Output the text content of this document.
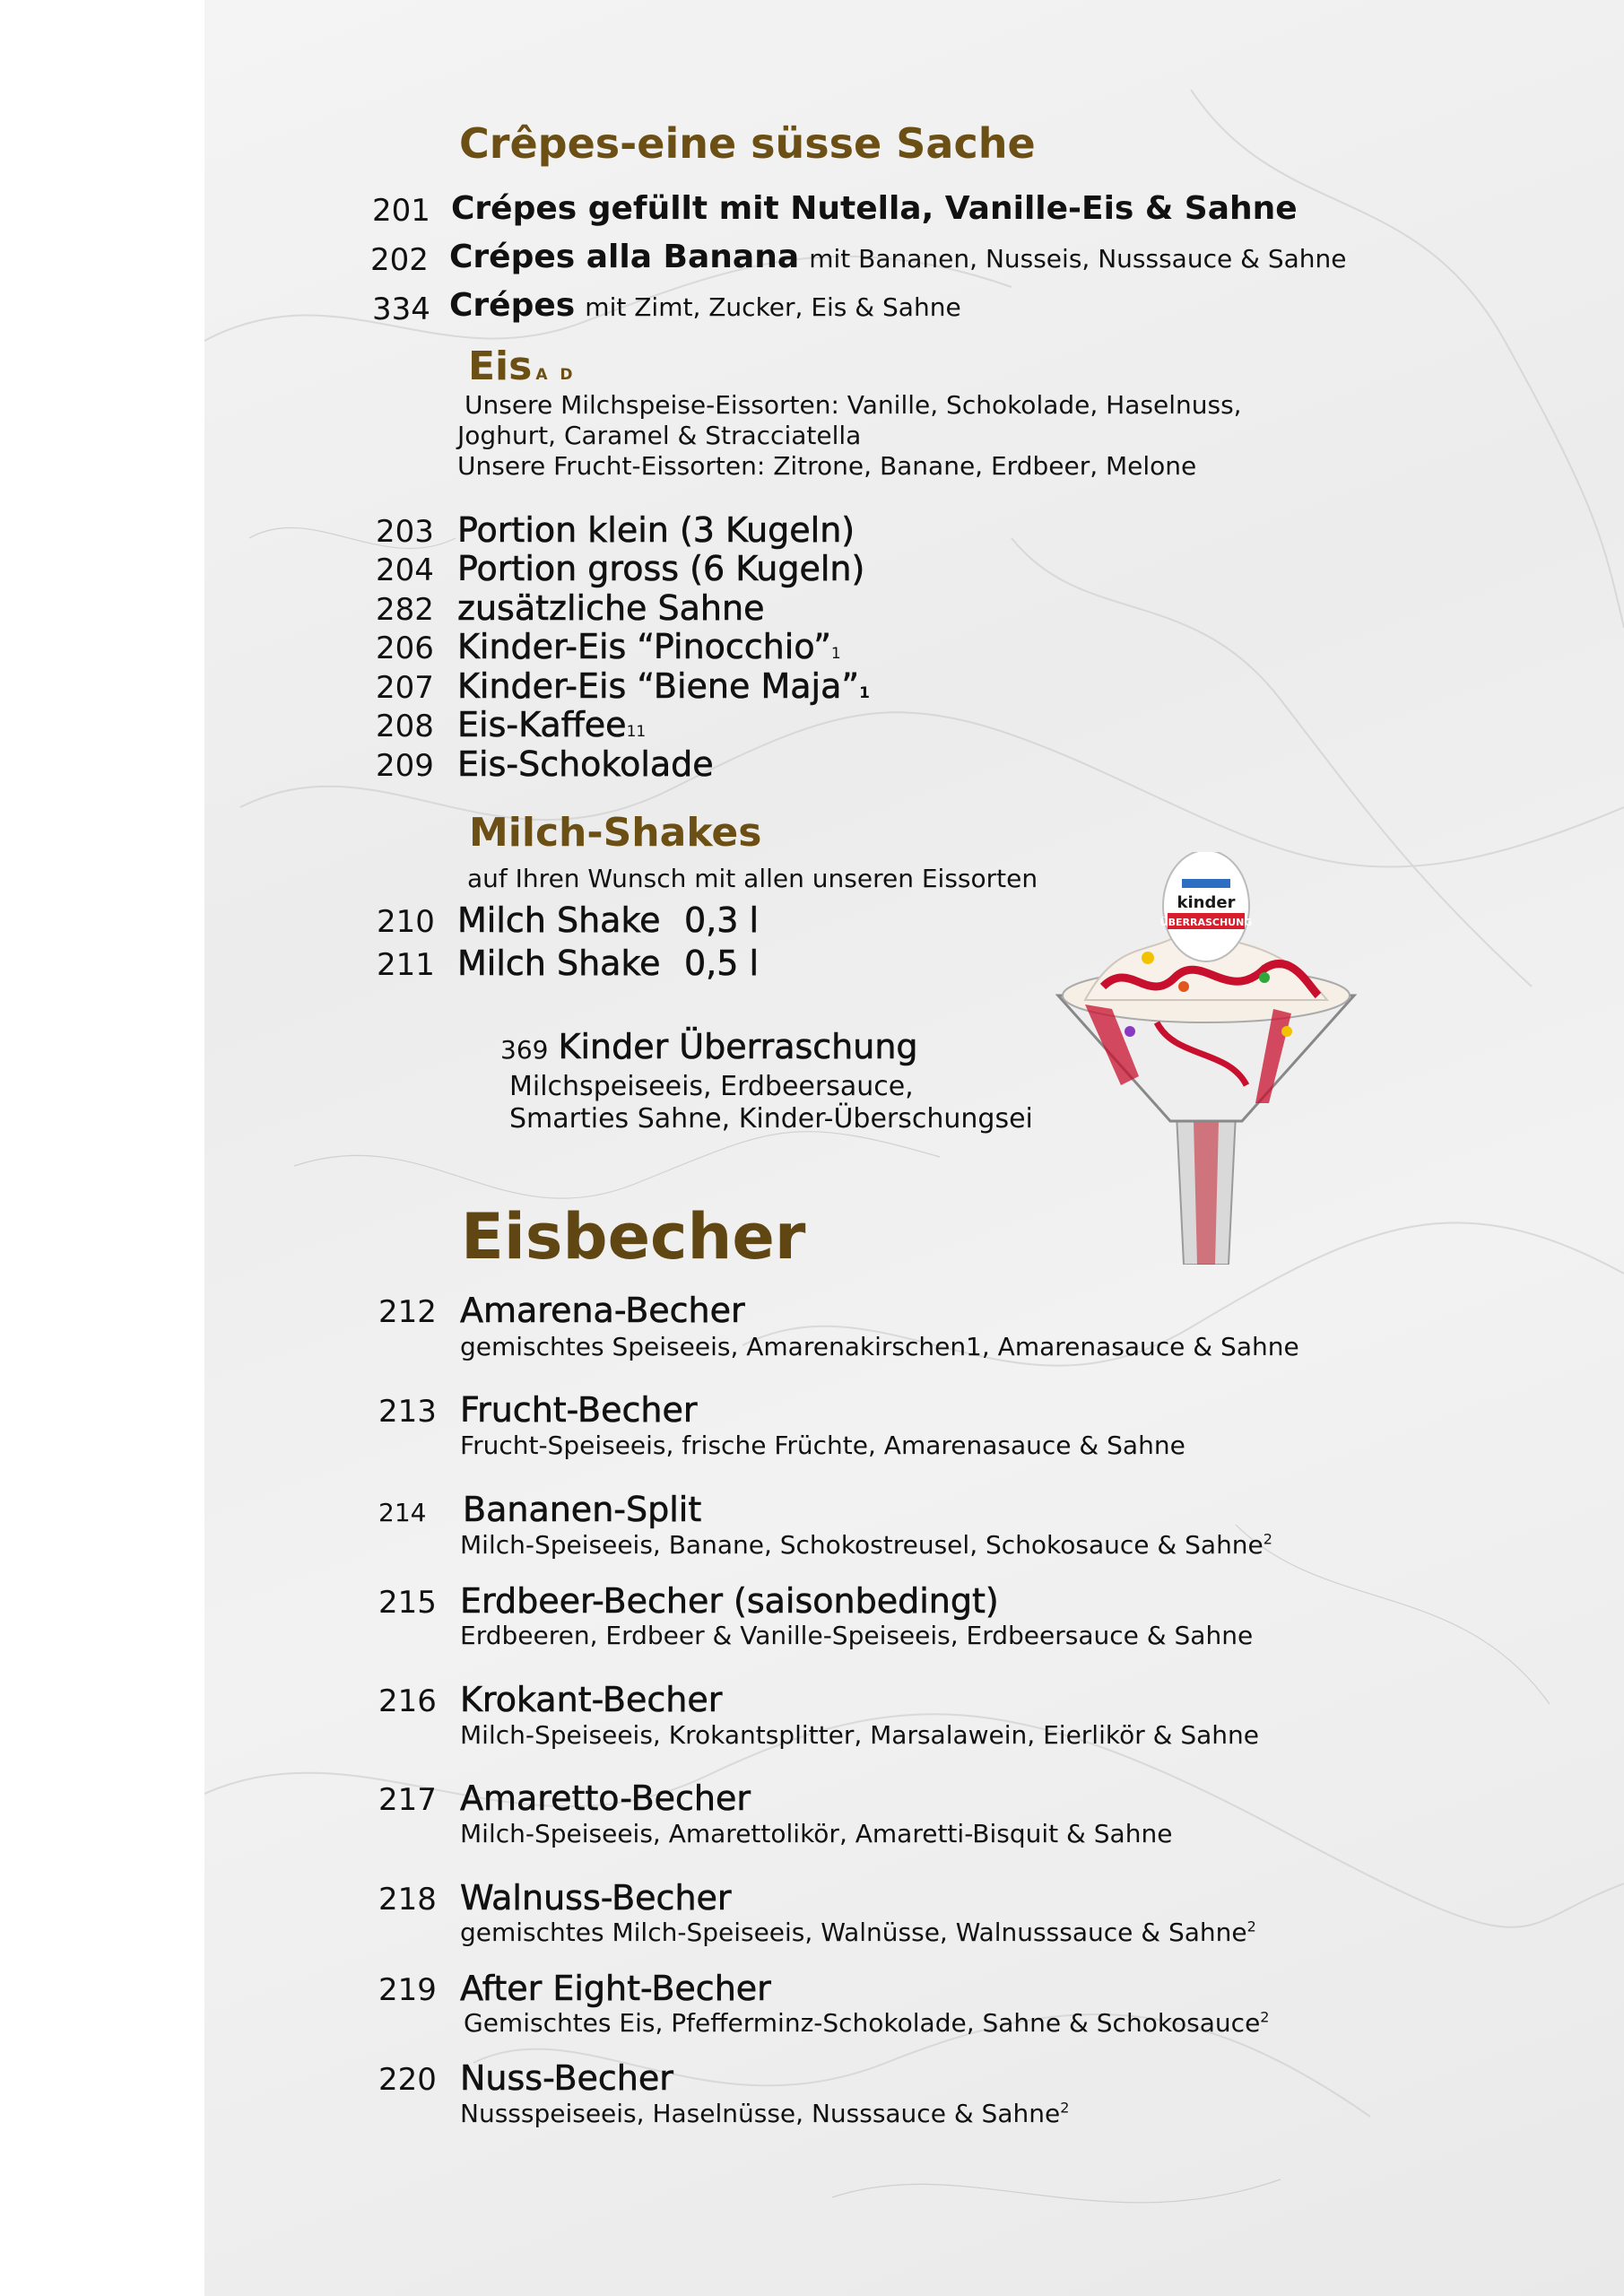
Crêpes-eine süsse Sache
201 Crépes gefüllt mit Nutella, Vanille-Eis & Sahne
202 Crépes alla Banana mit Bananen, Nusseis, Nusssauce & Sahne
334 Crépes mit Zimt, Zucker, Eis & Sahne
Eis A D
Unsere Milchspeise-Eissorten: Vanille, Schokolade, Haselnuss,
Joghurt, Caramel & Stracciatella
Unsere Frucht-Eissorten: Zitrone, Banane, Erdbeer, Melone
203 Portion klein (3 Kugeln)
204 Portion gross (6 Kugeln)
282 zusätzliche Sahne
206 Kinder-Eis “Pinocchio”1
207 Kinder-Eis “Biene Maja”1
208 Eis-Kaffee11
209 Eis-Schokolade
Milch-Shakes
auf Ihren Wunsch mit allen unseren Eissorten
210 Milch Shake 0,3 l
211 Milch Shake 0,5 l
369 Kinder Überraschung
Milchspeiseeis, Erdbeersauce,
Smarties Sahne, Kinder-Überschungsei
kinder
ÜBERRASCHUNG
Eisbecher
212 Amarena-Becher
gemischtes Speiseeis, Amarenakirschen1, Amarenasauce & Sahne
213 Frucht-Becher
Frucht-Speiseeis, frische Früchte, Amarenasauce & Sahne
214 Bananen-Split
Milch-Speiseeis, Banane, Schokostreusel, Schokosauce & Sahne$^2$
215 Erdbeer-Becher (saisonbedingt)
Erdbeeren, Erdbeer & Vanille-Speiseeis, Erdbeersauce & Sahne
216 Krokant-Becher
Milch-Speiseeis, Krokantsplitter, Marsalawein, Eierlikör & Sahne
217 Amaretto-Becher
Milch-Speiseeis, Amarettolikör, Amaretti-Bisquit & Sahne
218 Walnuss-Becher
gemischtes Milch-Speiseeis, Walnüsse, Walnusssauce & Sahne$^2$
219 After Eight-Becher
Gemischtes Eis, Pfefferminz-Schokolade, Sahne & Schokosauce$^2$
220 Nuss-Becher
Nussspeiseeis, Haselnüsse, Nusssauce & Sahne$^2$
